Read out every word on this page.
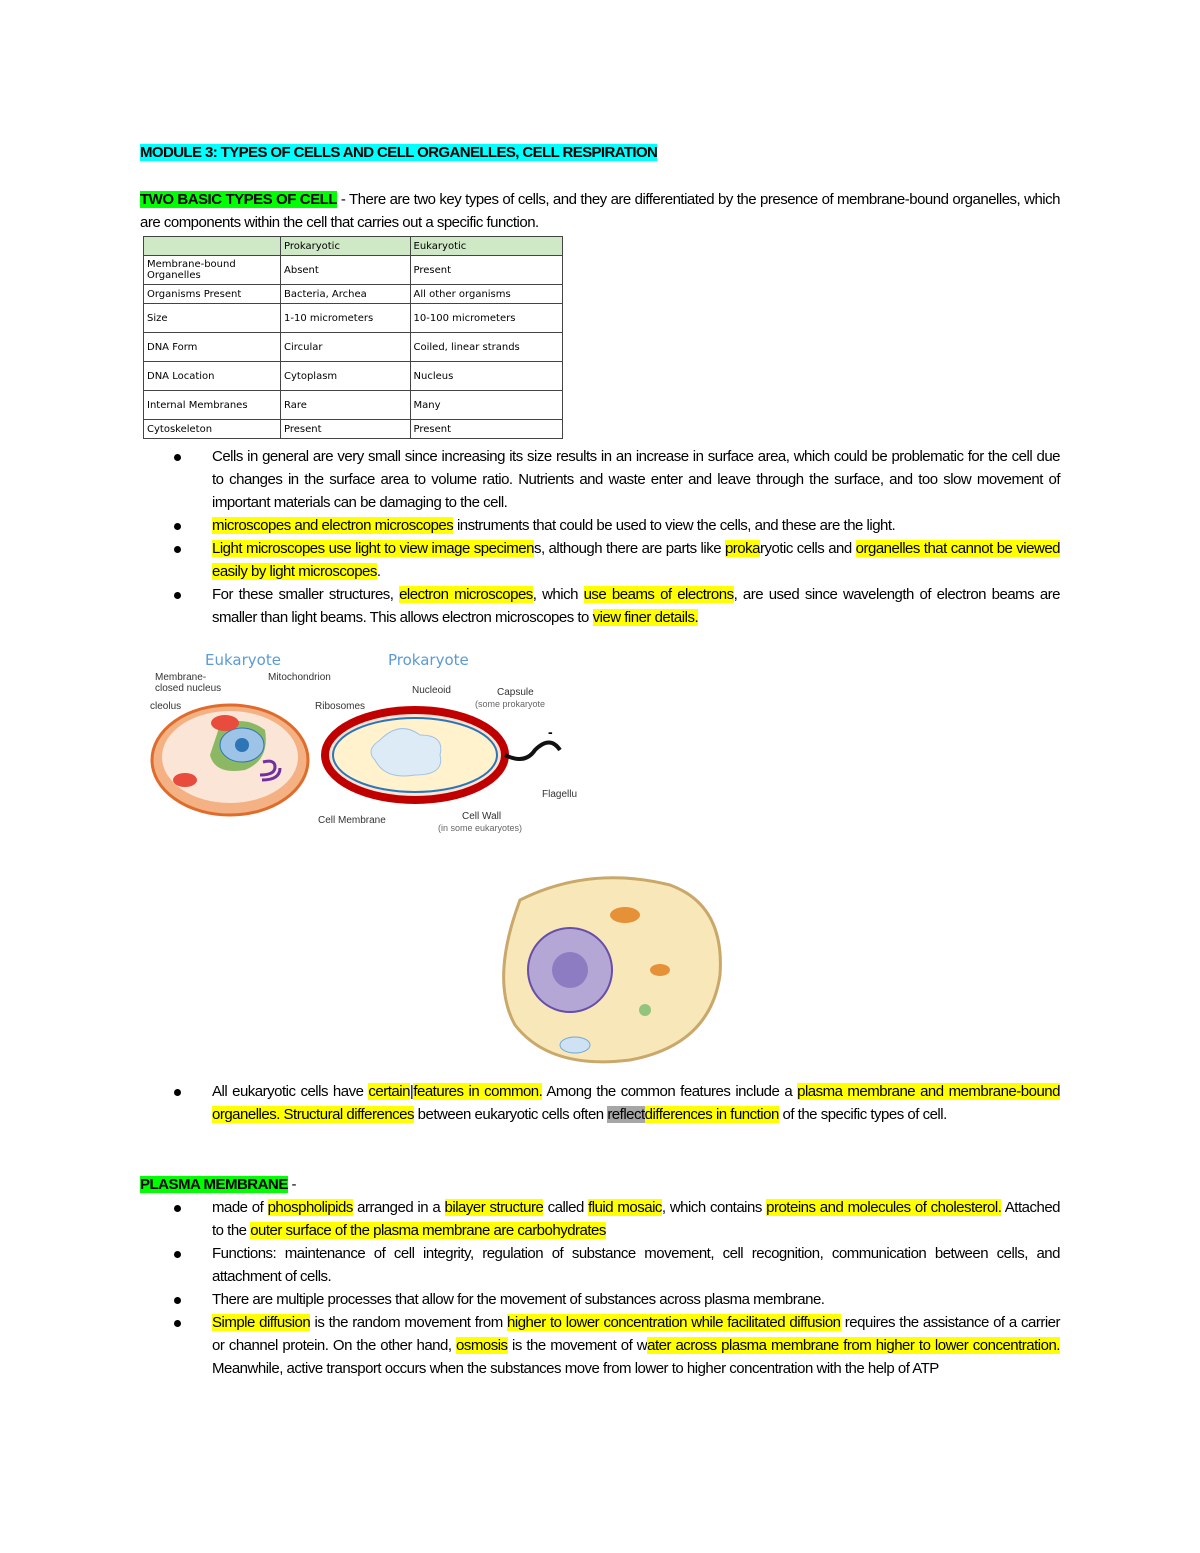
MODULE 3: TYPES OF CELLS AND CELL ORGANELLES, CELL RESPIRATION
TWO BASIC TYPES OF CELL - There are two key types of cells, and they are differentiated by the presence of membrane-bound organelles, which are components within the cell that carries out a specific function.
	Prokaryotic	Eukaryotic
Membrane-bound Organelles	Absent	Present
Organisms Present	Bacteria, Archea	All other organisms
Size	1-10 micrometers	10-100 micrometers
DNA Form	Circular	Coiled, linear strands
DNA Location	Cytoplasm	Nucleus
Internal Membranes	Rare	Many
Cytoskeleton	Present	Present
Cells in general are very small since increasing its size results in an increase in surface area, which could be problematic for the cell due to changes in the surface area to volume ratio. Nutrients and waste enter and leave through the surface, and too slow movement of important materials can be damaging to the cell.
microscopes and electron microscopes instruments that could be used to view the cells, and these are the light.
Light microscopes use light to view image specimens, although there are parts like prokaryotic cells and organelles that cannot be viewed easily by light microscopes.
For these smaller structures, electron microscopes, which use beams of electrons, are used since wavelength of electron beams are smaller than light beams. This allows electron microscopes to view finer details.
Eukaryote	Prokaryote
Membrane-
closed nucleus
cleolus
Mitochondrion
Ribosomes
Nucleoid	Capsule
(some prokaryote
-
Cell Membrane
Flagellu
Cell Wall
(in some eukaryotes)
All eukaryotic cells have certain|features in common. Among the common features include a plasma membrane and membrane-bound organelles. Structural differences between eukaryotic cells often reflectdifferences in function of the specific types of cell.
PLASMA MEMBRANE -
made of phospholipids arranged in a bilayer structure called fluid mosaic, which contains proteins and molecules of cholesterol. Attached to the outer surface of the plasma membrane are carbohydrates
Functions: maintenance of cell integrity, regulation of substance movement, cell recognition, communication between cells, and attachment of cells.
There are multiple processes that allow for the movement of substances across plasma membrane.
Simple diffusion is the random movement from higher to lower concentration while facilitated diffusion requires the assistance of a carrier or channel protein. On the other hand, osmosis is the movement of water across plasma membrane from higher to lower concentration. Meanwhile, active transport occurs when the substances move from lower to higher concentration with the help of ATP
